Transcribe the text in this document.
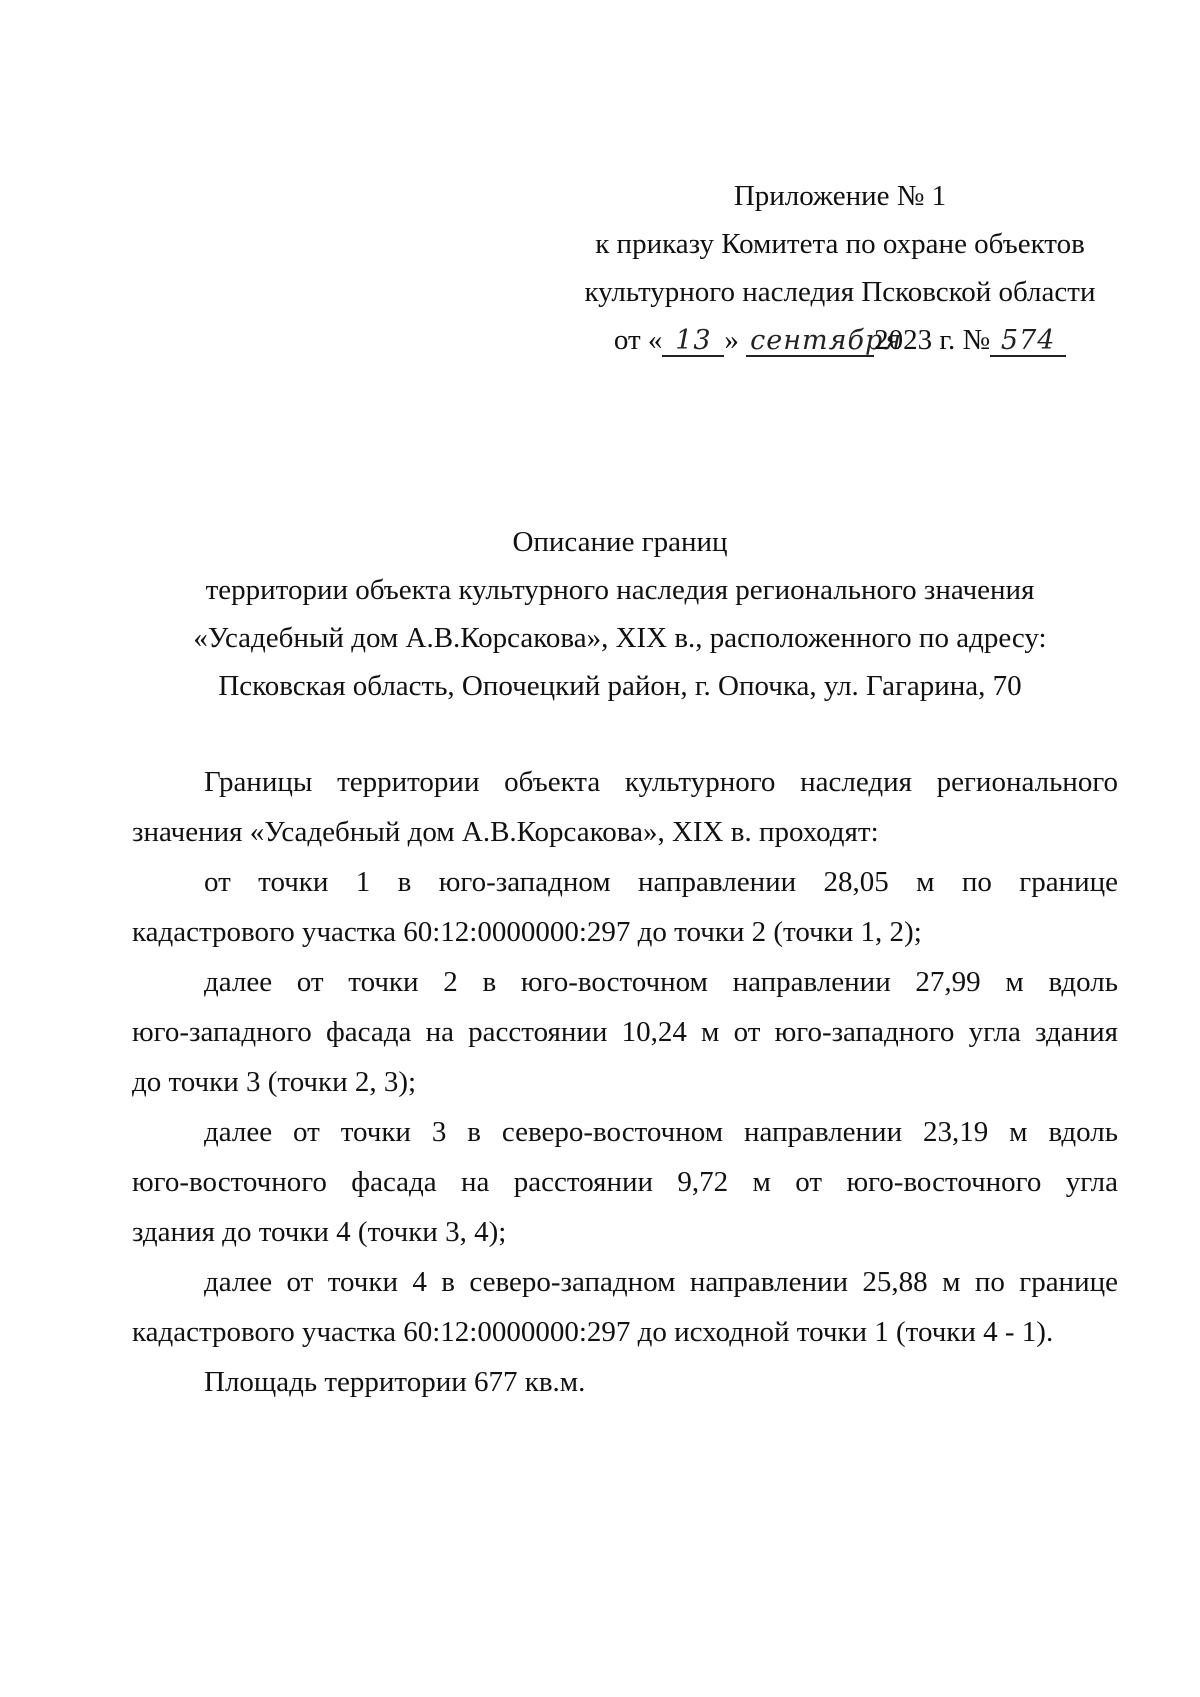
Приложение № 1
к приказу Комитета по охране объектов
культурного наследия Псковской области
от « 13 » сентября2023 г. № 574
Описание границ
территории объекта культурного наследия регионального значения
«Усадебный дом А.В.Корсакова», XIX в., расположенного по адресу:
Псковская область, Опочецкий район, г. Опочка, ул. Гагарина, 70
Границы территории объекта культурного наследия регионального
значения «Усадебный дом А.В.Корсакова», XIX в. проходят:
от точки 1 в юго-западном направлении 28,05 м по границе
кадастрового участка 60:12:0000000:297 до точки 2 (точки 1, 2);
далее от точки 2 в юго-восточном направлении 27,99 м вдоль
юго-западного фасада на расстоянии 10,24 м от юго-западного угла здания
до точки 3 (точки 2, 3);
далее от точки 3 в северо-восточном направлении 23,19 м вдоль
юго-восточного фасада на расстоянии 9,72 м от юго-восточного угла
здания до точки 4 (точки 3, 4);
далее от точки 4 в северо-западном направлении 25,88 м по границе
кадастрового участка 60:12:0000000:297 до исходной точки 1 (точки 4 - 1).
Площадь территории 677 кв.м.
